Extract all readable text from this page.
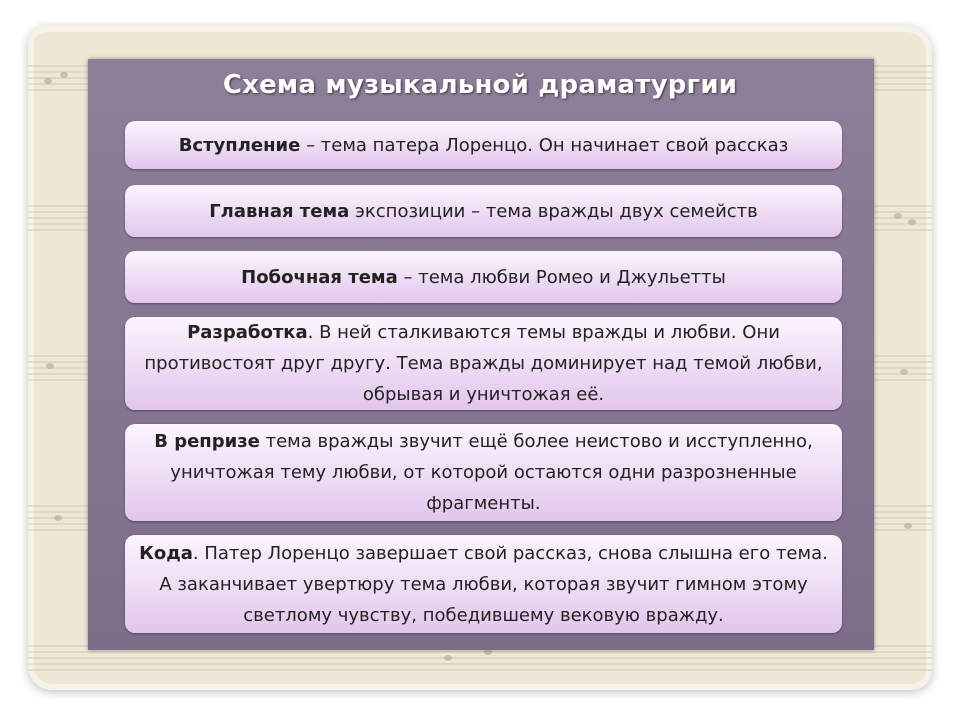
Схема музыкальной драматургии
Вступление – тема патера Лоренцо. Он начинает свой рассказ
Главная тема экспозиции – тема вражды двух семейств
Побочная тема – тема любви Ромео и Джульетты
Разработка. В ней сталкиваются темы вражды и любви. Они противостоят друг другу. Тема вражды доминирует над темой любви, обрывая и уничтожая её.
В репризе тема вражды звучит ещё более неистово и исступленно, уничтожая тему любви, от которой остаются одни разрозненные фрагменты.
Кода. Патер Лоренцо завершает свой рассказ, снова слышна его тема. А заканчивает увертюру тема любви, которая звучит гимном этому светлому чувству, победившему вековую вражду.
